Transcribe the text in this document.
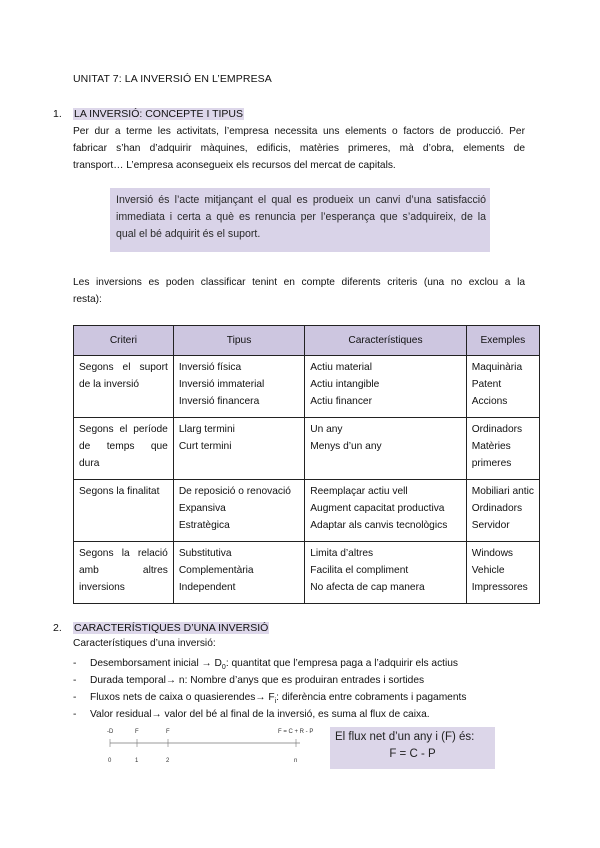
UNITAT 7: LA INVERSIÓ EN L’EMPRESA
1. LA INVERSIÓ: CONCEPTE I TIPUS
Per dur a terme les activitats, l’empresa necessita uns elements o factors de producció. Per
fabricar s’han d’adquirir màquines, edificis, matèries primeres, mà d’obra, elements de
transport… L’empresa aconsegueix els recursos del mercat de capitals.
Inversió és l’acte mitjançant el qual es produeix un canvi d’una satisfacció
immediata i certa a què es renuncia per l’esperança que s’adquireix, de la
qual el bé adquirit és el suport.
Les inversions es poden classificar tenint en compte diferents criteris (una no exclou a la
resta):
Criteri	Tipus	Característiques	Exemples

Segons el suport
de la inversió	Inversió física
Inversió immaterial
Inversió financera	Actiu material
Actiu intangible
Actiu financer	Maquinària
Patent
Accions

Segons el període
de temps que
dura	Llarg termini
Curt termini	Un any
Menys d’un any	Ordinadors
Matèries
primeres

Segons la finalitat	De reposició o renovació
Expansiva
Estratègica	Reemplaçar actiu vell
Augment capacitat productiva
Adaptar als canvis tecnològics	Mobiliari antic
Ordinadors
Servidor

Segons la relació
amb altres
inversions	Substitutiva
Complementària
Independent	Limita d’altres
Facilita el compliment
No afecta de cap manera	Windows
Vehicle
Impressores
2. CARACTERÍSTIQUES D’UNA INVERSIÓ
Característiques d’una inversió:
- Desemborsament inicial → $D_0$: quantitat que l’empresa paga a l’adquirir els actius
- Durada temporal→ n: Nombre d’anys que es produiran entrades i sortides
- Fluxos nets de caixa o quasierendes→ $F_i$: diferència entre cobraments i pagaments
- Valor residual→ valor del bé al final de la inversió, es suma al flux de caixa.
-D	F	F	F = C + R - P
0	1	2	n
El flux net d’un any i (F) és:
F = C - P
